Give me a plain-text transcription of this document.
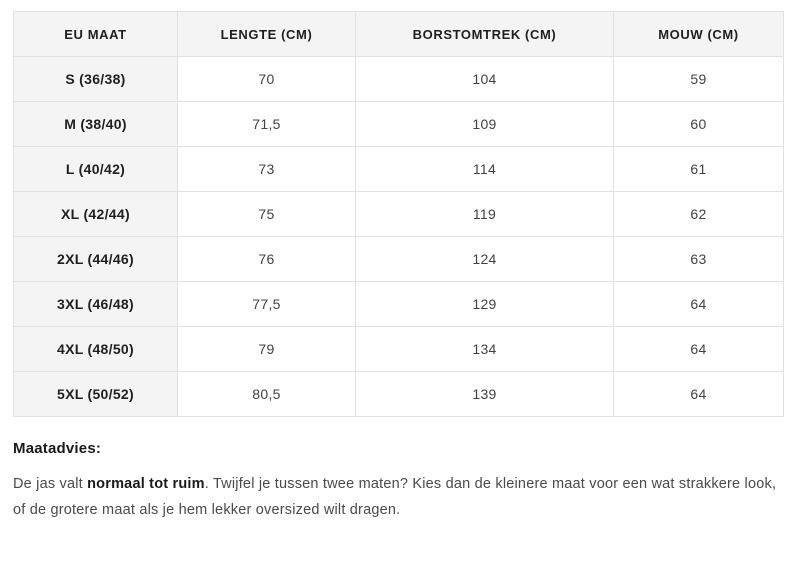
EU MAAT	LENGTE (CM)	BORSTOMTREK (CM)	MOUW (CM)
S (36/38)	70	104	59
M (38/40)	71,5	109	60
L (40/42)	73	114	61
XL (42/44)	75	119	62
2XL (44/46)	76	124	63
3XL (46/48)	77,5	129	64
4XL (48/50)	79	134	64
5XL (50/52)	80,5	139	64
Maatadvies:
De jas valt normaal tot ruim. Twijfel je tussen twee maten? Kies dan de kleinere maat voor een wat strakkere look, of de grotere maat als je hem lekker oversized wilt dragen.
